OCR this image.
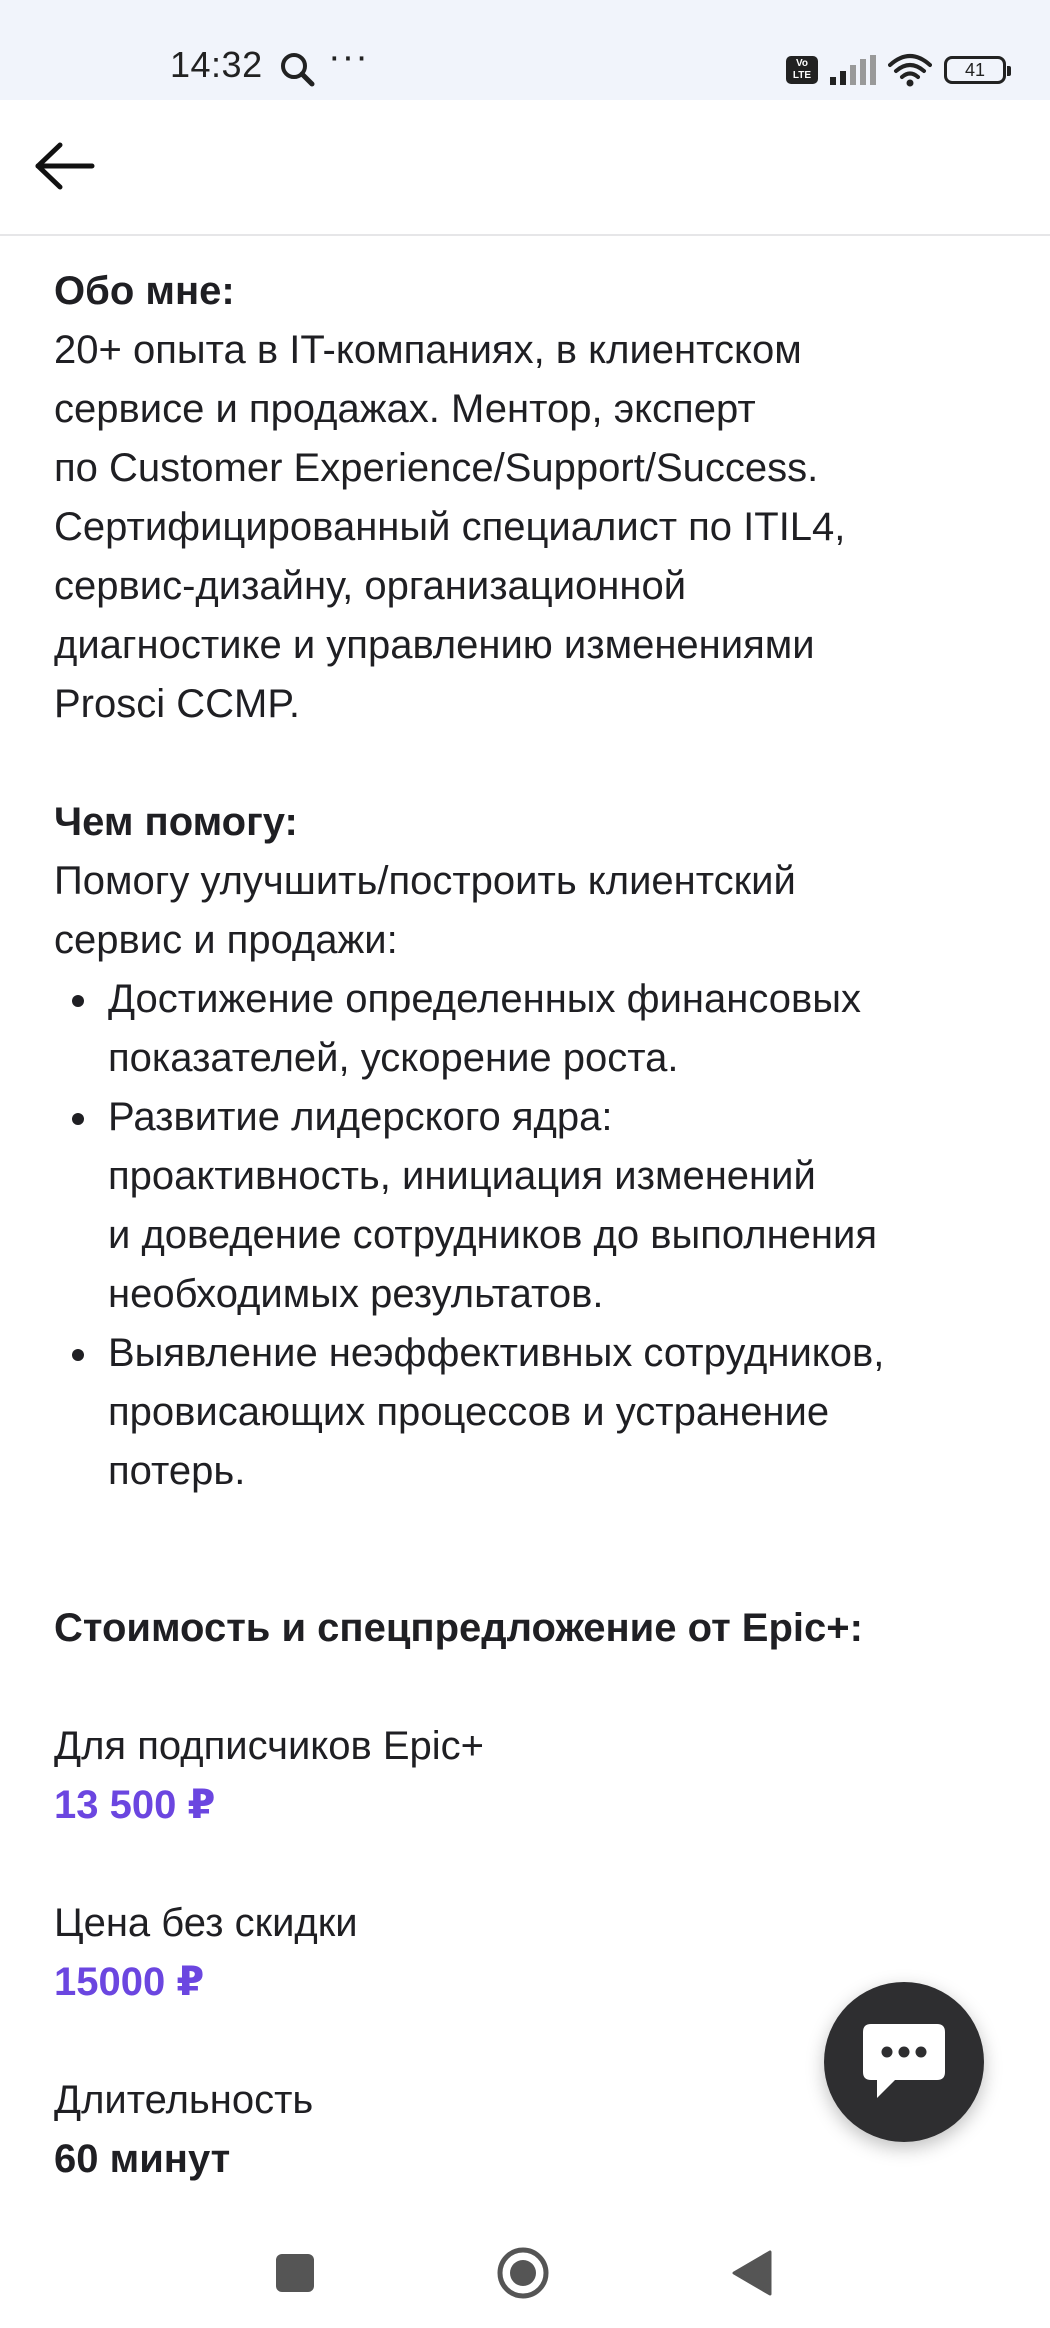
14:32 ···	Vo LTE	41

Обо мне:

20+ опыта в IT-компаниях, в клиентском
сервисе и продажах. Ментор, эксперт
по Customer Experience/Support/Success.
Сертифицированный специалист по ITIL4,
сервис-дизайну, организационной
диагностике и управлению изменениями
Prosci CCMP.

Чем помогу:

Помогу улучшить/построить клиентский
сервис и продажи:

Достижение определенных финансовых
показателей, ускорение роста.
Развитие лидерского ядра:
проактивность, инициация изменений
и доведение сотрудников до выполнения
необходимых результатов.
Выявление неэффективных сотрудников,
провисающих процессов и устранение
потерь.

Стоимость и спецпредложение от Epic+:

Для подписчиков Epic+

13 500 ₽

Цена без скидки

15000 ₽

Длительность

60 минут
